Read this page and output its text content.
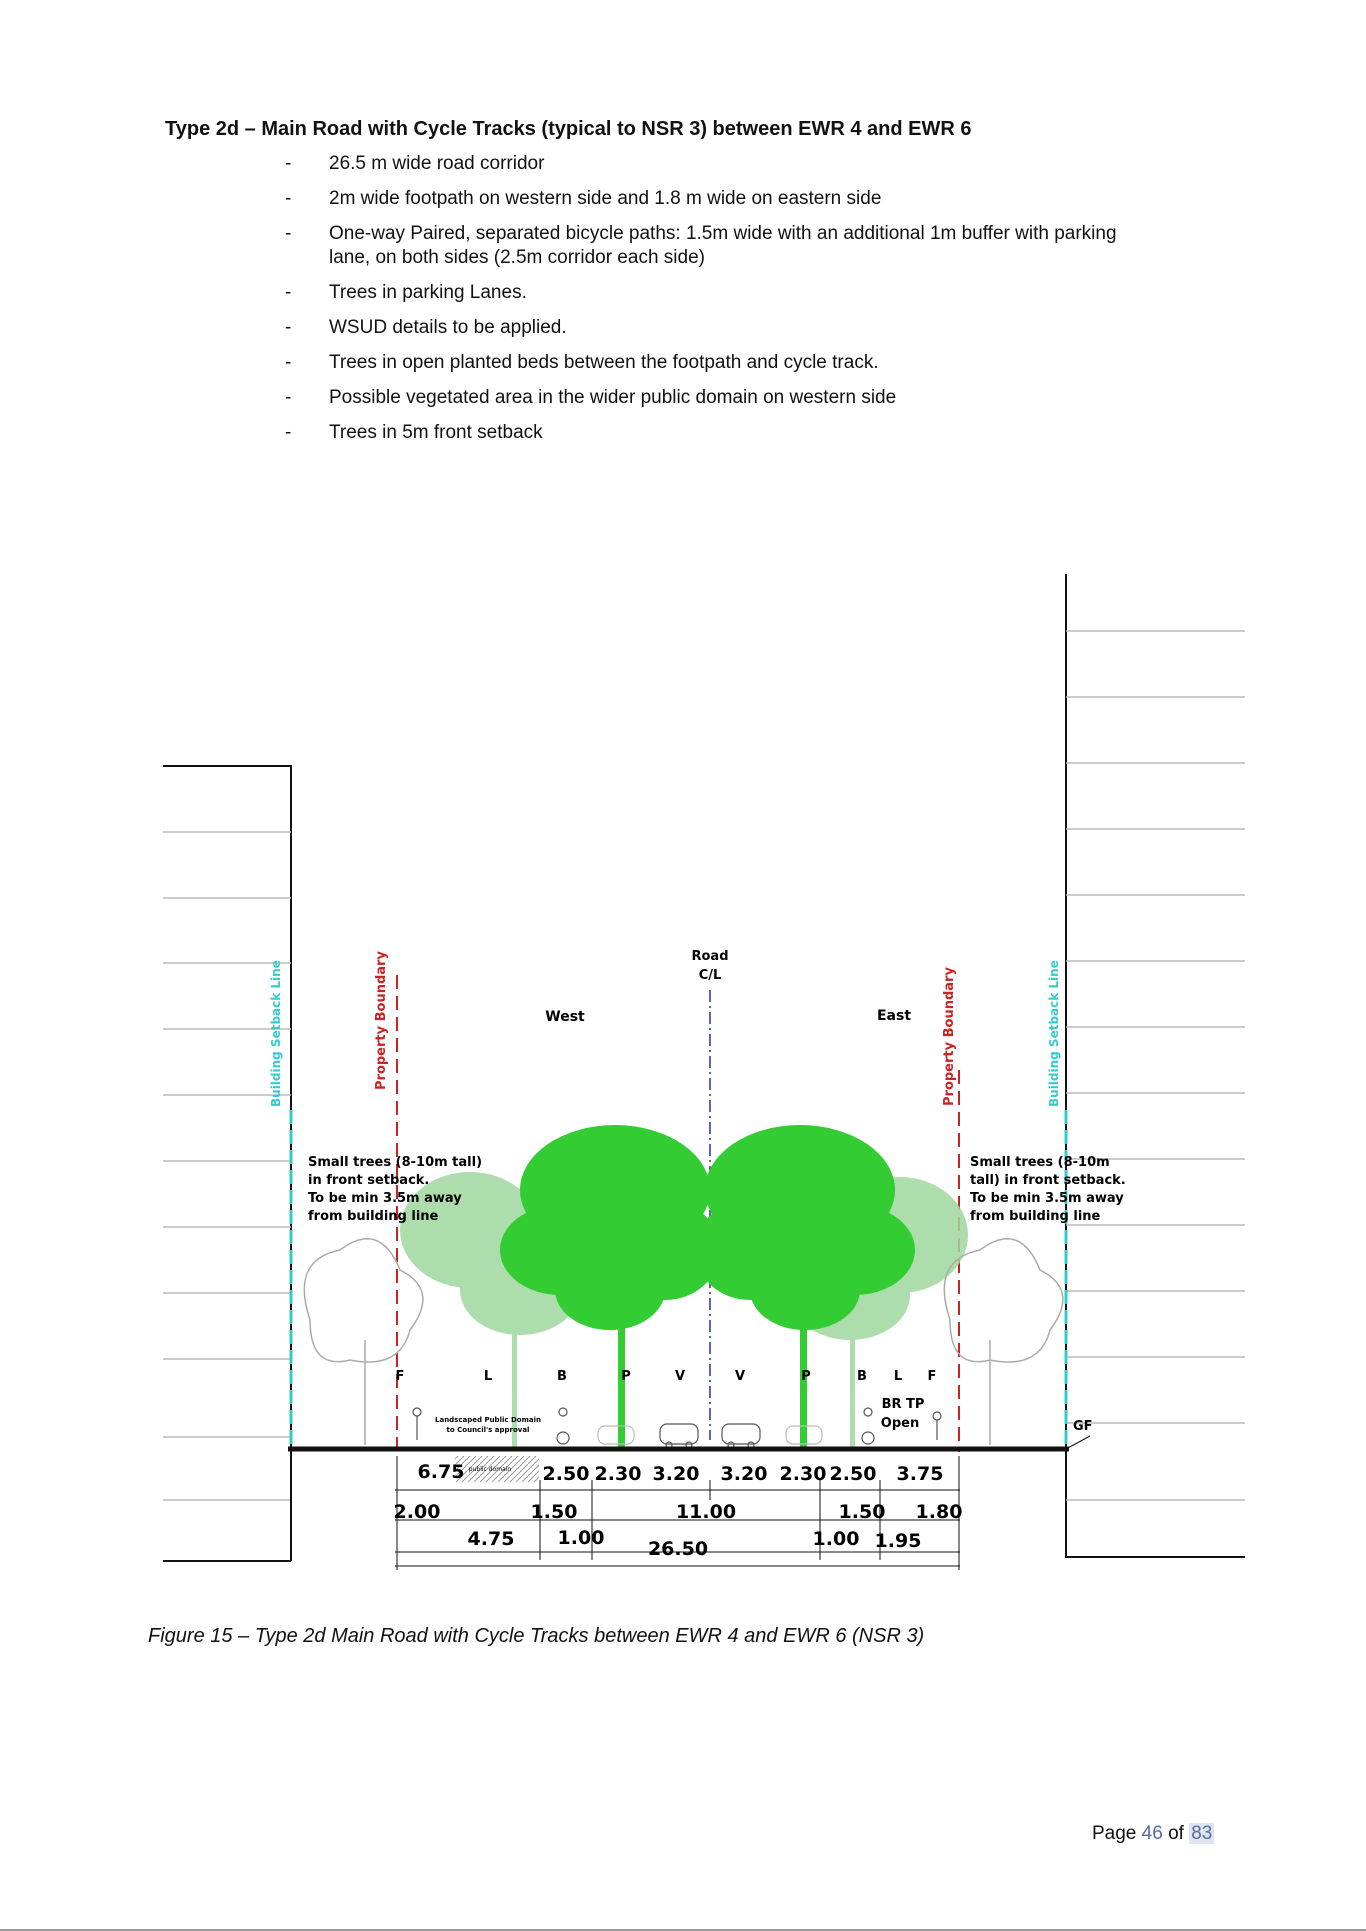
Type 2d – Main Road with Cycle Tracks (typical to NSR 3) between EWR 4 and EWR 6
- 26.5 m wide road corridor
- 2m wide footpath on western side and 1.8 m wide on eastern side
- One-way Paired, separated bicycle paths: 1.5m wide with an additional 1m buffer with parking lane, on both sides (2.5m corridor each side)
- Trees in parking Lanes.
- WSUD details to be applied.
- Trees in open planted beds between the footpath and cycle track.
- Possible vegetated area in the wider public domain on western side
- Trees in 5m front setback
Building Setback Line	Building Setback Line
Property Boundary	Property Boundary
Road
C/L
West	East
Small trees (8-10m tall)
in front setback.
To be min 3.5m away
from building line
Small trees (8-10m
tall) in front setback.
To be min 3.5m away
from building line
F	L	B	P	V	V	P	B L F
BR TP
Open	GF
Landscaped Public Domain
to Council's approval
public domain
6.75	2.50 2.30 3.20 3.20 2.30 2.50 3.75
2.00	1.50	11.00	1.50 1.80
4.75 1.00 26.50	1.00 1.95
Figure 15 – Type 2d Main Road with Cycle Tracks between EWR 4 and EWR 6 (NSR 3)
Page 46 of 83
